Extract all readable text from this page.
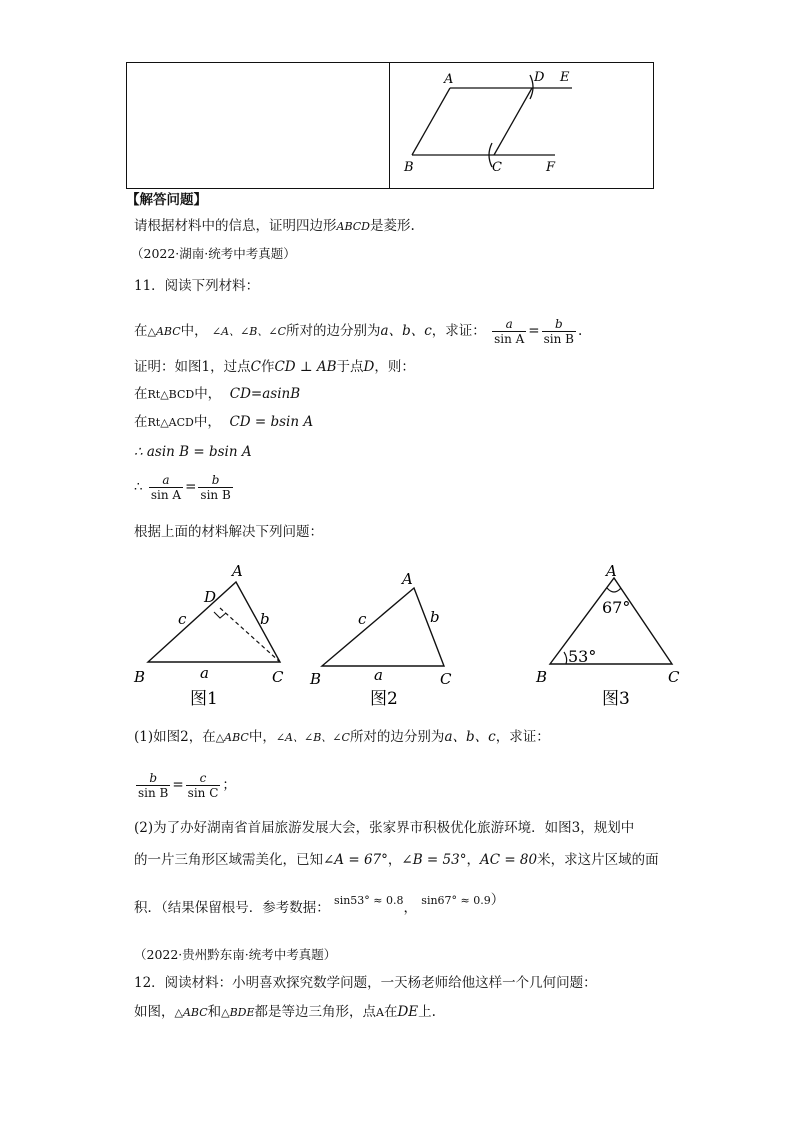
A	D E
B	C	F
【解答问题】
请根据材料中的信息，证明四边形ABCD是菱形.
（2022·湖南·统考中考真题）
11．阅读下列材料：
在△ABC中， ∠A、∠B、∠C所对的边分别为a、b、c，求证： $\frac{a}{\text{sin A}} = \frac{b}{\text{sin B}}$ .
证明：如图1，过点C作CD ⊥ AB于点D，则：
在Rt△BCD中， CD=asinB
在Rt△ACD中， CD = bsin A
∴ asin B = bsin A
∴ $\frac{a}{\text{sin A}} = \frac{b}{\text{sin B}}$
根据上面的材料解决下列问题：
A
D
c	b
a
B	C
图1
A
c	b
a
B	C
图2
A
67°
53°
B	C
图3
(1)如图2，在△ABC中，∠A、∠B、∠C所对的边分别为a、b、c，求证：
$\frac{b}{\text{sin B}} = \frac{c}{\text{sin C}}$ ；
(2)为了办好湖南省首届旅游发展大会，张家界市积极优化旅游环境．如图3，规划中
的一片三角形区域需美化，已知∠A = 67°，∠B = 53°，AC = 80米，求这片区域的面
积．（结果保留根号．参考数据： $^{sin53^\circ \approx 0.8}$， $^{sin67^\circ \approx 0.9}$）
（2022·贵州黔东南·统考中考真题）
12．阅读材料：小明喜欢探究数学问题，一天杨老师给他这样一个几何问题：
如图，△ABC和△BDE都是等边三角形，点A在DE上.
